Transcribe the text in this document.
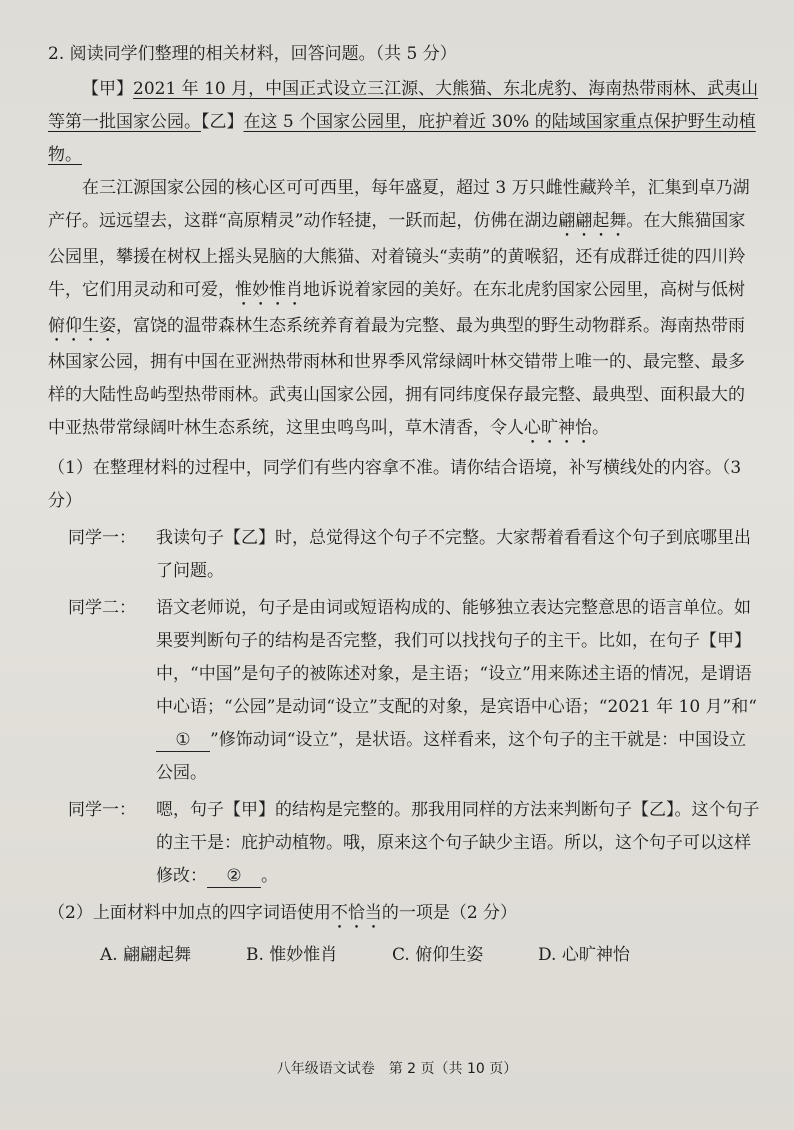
2. 阅读同学们整理的相关材料，回答问题。（共 5 分）

【甲】2021 年 10 月，中国正式设立三江源、大熊猫、东北虎豹、海南热带雨林、武夷山等第一批国家公园。【乙】在这 5 个国家公园里，庇护着近 30% 的陆域国家重点保护野生动植物。

在三江源国家公园的核心区可可西里，每年盛夏，超过 3 万只雌性藏羚羊，汇集到卓乃湖产仔。远远望去，这群“高原精灵”动作轻捷，一跃而起，仿佛在湖边翩翩起舞。在大熊猫国家公园里，攀援在树权上摇头晃脑的大熊猫、对着镜头“卖萌”的黄喉貂，还有成群迁徙的四川羚牛，它们用灵动和可爱，惟妙惟肖地诉说着家园的美好。在东北虎豹国家公园里，高树与低树俯仰生姿，富饶的温带森林生态系统养育着最为完整、最为典型的野生动物群系。海南热带雨林国家公园，拥有中国在亚洲热带雨林和世界季风常绿阔叶林交错带上唯一的、最完整、最多样的大陆性岛屿型热带雨林。武夷山国家公园，拥有同纬度保存最完整、最典型、面积最大的中亚热带常绿阔叶林生态系统，这里虫鸣鸟叫，草木清香，令人心旷神怡。

（1）在整理材料的过程中，同学们有些内容拿不准。请你结合语境，补写横线处的内容。（3 分）

同学一：	我读句子【乙】时，总觉得这个句子不完整。大家帮着看看这个句子到底哪里出了问题。
同学二：	语文老师说，句子是由词或短语构成的、能够独立表达完整意思的语言单位。如果要判断句子的结构是否完整，我们可以找找句子的主干。比如，在句子【甲】中，“中国”是句子的被陈述对象，是主语；“设立”用来陈述主语的情况，是谓语中心语；“公园”是动词“设立”支配的对象，是宾语中心语；“2021 年 10 月”和“① ”修饰动词“设立”，是状语。这样看来，这个句子的主干就是：中国设立公园。
同学一：	嗯，句子【甲】的结构是完整的。那我用同样的方法来判断句子【乙】。这个句子的主干是：庇护动植物。哦，原来这个句子缺少主语。所以，这个句子可以这样修改： ② 。

（2）上面材料中加点的四字词语使用不恰当的一项是（2 分）

A. 翩翩起舞	B. 惟妙惟肖	C. 俯仰生姿	D. 心旷神怡
八年级语文试卷　第 2 页（共 10 页）
